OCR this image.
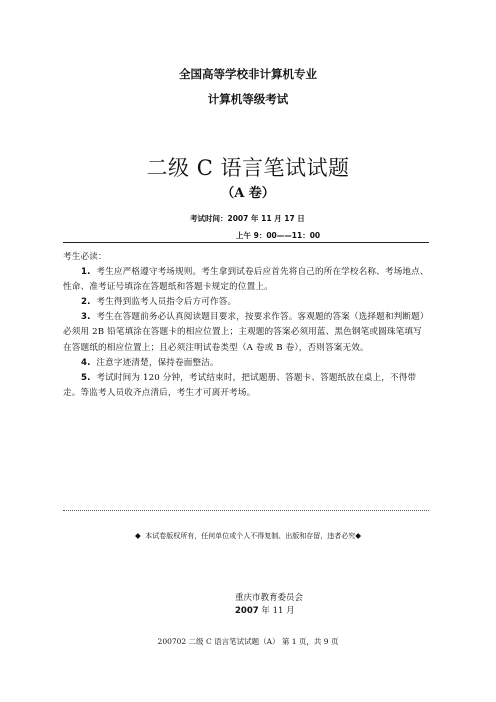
全国高等学校非计算机专业
计算机等级考试
二级 C 语言笔试试题
（A 卷）
考试时间：2007 年 11 月 17 日
上午 9：00——11：00

考生必读：

1. 考生应严格遵守考场规则。考生拿到试卷后应首先将自己的所在学校名称、考场地点、性命、准考证号填涂在答题纸和答题卡规定的位置上。

2. 考生得到监考人员指令后方可作答。

3. 考生在答题前务必认真阅读题目要求，按要求作答。客观题的答案（选择题和判断题）必须用 2B 铅笔填涂在答题卡的相应位置上；主观题的答案必须用蓝、黑色钢笔或圆珠笔填写在答题纸的相应位置上；且必须注明试卷类型（A 卷或 B 卷），否则答案无效。

4. 注意字迹清楚，保持卷面整洁。

5. 考试时间为 120 分钟，考试结束时，把试题册、答题卡、答题纸放在桌上，不得带走。等监考人员收齐点清后，考生才可离开考场。

◆ 本试卷版权所有，任何单位或个人不得复制、出版和存留，违者必究◆
重庆市教育委员会
2007 年 11 月
200702 二级 C 语言笔试试题（A） 第 1 页，共 9 页
